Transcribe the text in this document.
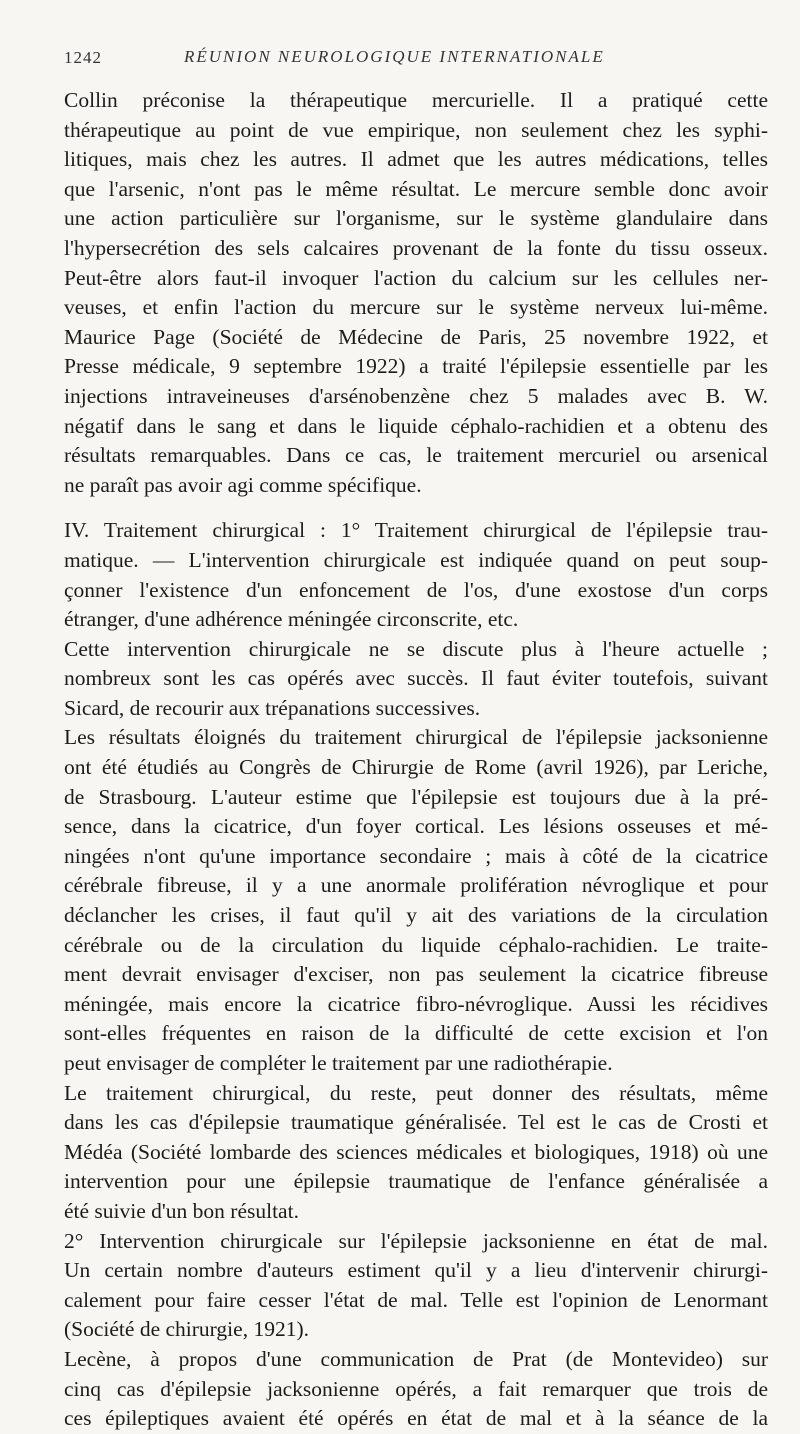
1242	RÉUNION NEUROLOGIQUE INTERNATIONALE
Collin préconise la thérapeutique mercurielle. Il a pratiqué cette
thérapeutique au point de vue empirique, non seulement chez les syphi-
litiques, mais chez les autres. Il admet que les autres médications, telles
que l'arsenic, n'ont pas le même résultat. Le mercure semble donc avoir
une action particulière sur l'organisme, sur le système glandulaire dans
l'hypersecrétion des sels calcaires provenant de la fonte du tissu osseux.
Peut-être alors faut-il invoquer l'action du calcium sur les cellules ner-
veuses, et enfin l'action du mercure sur le système nerveux lui-même.
Maurice Page (Société de Médecine de Paris, 25 novembre 1922, et
Presse médicale, 9 septembre 1922) a traité l'épilepsie essentielle par les
injections intraveineuses d'arsénobenzène chez 5 malades avec B. W.
négatif dans le sang et dans le liquide céphalo-rachidien et a obtenu des
résultats remarquables. Dans ce cas, le traitement mercuriel ou arsenical
ne paraît pas avoir agi comme spécifique.
IV. Traitement chirurgical : 1° Traitement chirurgical de l'épilepsie trau-
matique. — L'intervention chirurgicale est indiquée quand on peut soup-
çonner l'existence d'un enfoncement de l'os, d'une exostose d'un corps
étranger, d'une adhérence méningée circonscrite, etc.
Cette intervention chirurgicale ne se discute plus à l'heure actuelle ;
nombreux sont les cas opérés avec succès. Il faut éviter toutefois, suivant
Sicard, de recourir aux trépanations successives.
Les résultats éloignés du traitement chirurgical de l'épilepsie jacksonienne
ont été étudiés au Congrès de Chirurgie de Rome (avril 1926), par Leriche,
de Strasbourg. L'auteur estime que l'épilepsie est toujours due à la pré-
sence, dans la cicatrice, d'un foyer cortical. Les lésions osseuses et mé-
ningées n'ont qu'une importance secondaire ; mais à côté de la cicatrice
cérébrale fibreuse, il y a une anormale prolifération névroglique et pour
déclancher les crises, il faut qu'il y ait des variations de la circulation
cérébrale ou de la circulation du liquide céphalo-rachidien. Le traite-
ment devrait envisager d'exciser, non pas seulement la cicatrice fibreuse
méningée, mais encore la cicatrice fibro-névroglique. Aussi les récidives
sont-elles fréquentes en raison de la difficulté de cette excision et l'on
peut envisager de compléter le traitement par une radiothérapie.
Le traitement chirurgical, du reste, peut donner des résultats, même
dans les cas d'épilepsie traumatique généralisée. Tel est le cas de Crosti et
Médéa (Société lombarde des sciences médicales et biologiques, 1918) où une
intervention pour une épilepsie traumatique de l'enfance généralisée a
été suivie d'un bon résultat.
2° Intervention chirurgicale sur l'épilepsie jacksonienne en état de mal.
Un certain nombre d'auteurs estiment qu'il y a lieu d'intervenir chirurgi-
calement pour faire cesser l'état de mal. Telle est l'opinion de Lenormant
(Société de chirurgie, 1921).
Lecène, à propos d'une communication de Prat (de Montevideo) sur
cinq cas d'épilepsie jacksonienne opérés, a fait remarquer que trois de
ces épileptiques avaient été opérés en état de mal et à la séance de la
